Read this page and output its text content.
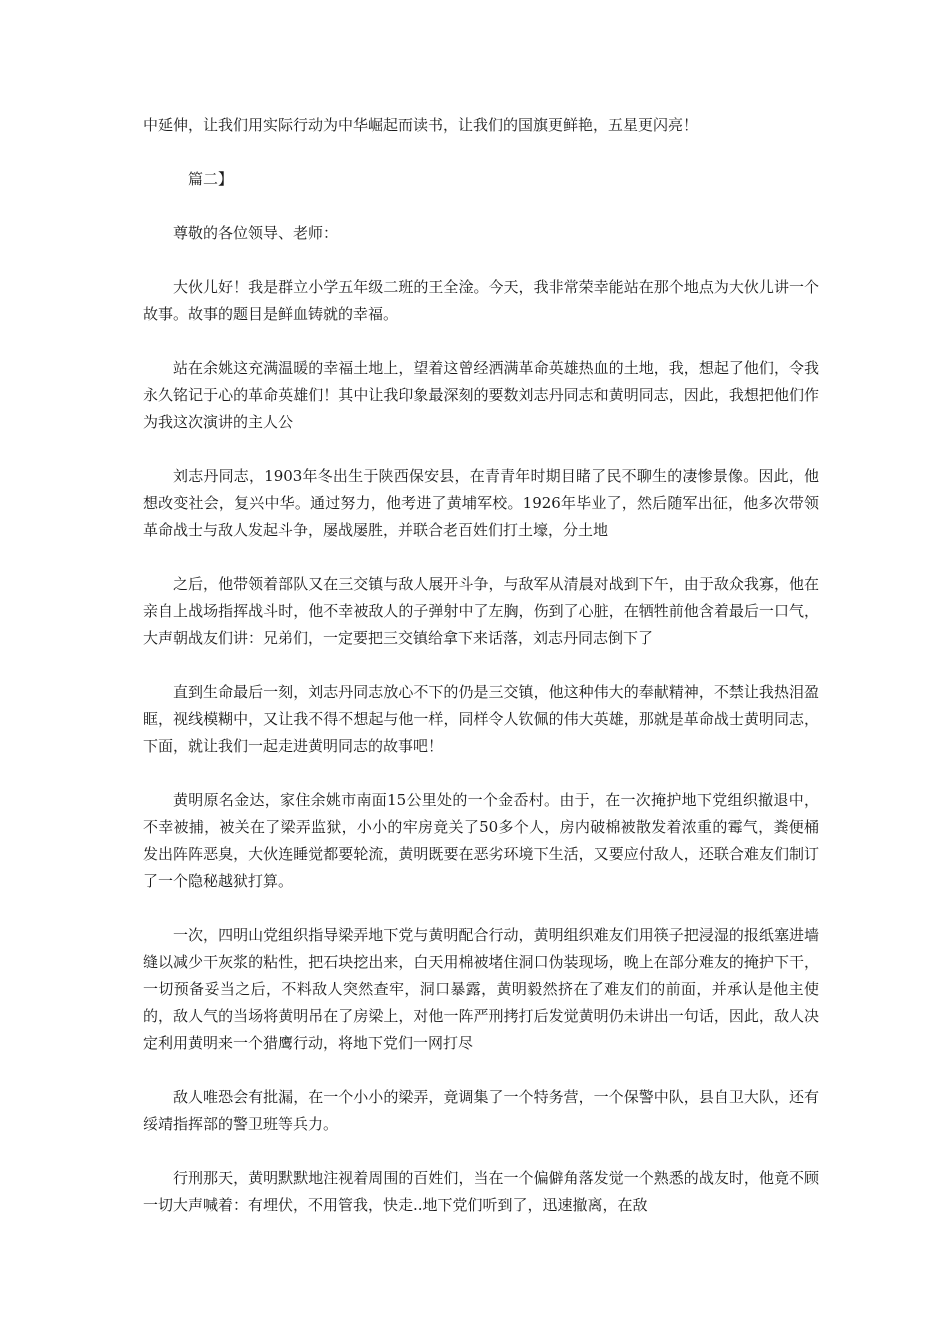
中延伸，让我们用实际行动为中华崛起而读书，让我们的国旗更鲜艳，五星更闪亮！

篇二】

尊敬的各位领导、老师：

大伙儿好！我是群立小学五年级二班的王全淦。今天，我非常荣幸能站在那个地点为大伙儿讲一个故事。故事的题目是鲜血铸就的幸福。

站在余姚这充满温暖的幸福土地上，望着这曾经洒满革命英雄热血的土地，我，想起了他们，令我永久铭记于心的革命英雄们！其中让我印象最深刻的要数刘志丹同志和黄明同志，因此，我想把他们作为我这次演讲的主人公

刘志丹同志，1903年冬出生于陕西保安县，在青青年时期目睹了民不聊生的凄惨景像。因此，他想改变社会，复兴中华。通过努力，他考进了黄埔军校。1926年毕业了，然后随军出征，他多次带领革命战士与敌人发起斗争，屡战屡胜，并联合老百姓们打土壕，分土地

之后，他带领着部队又在三交镇与敌人展开斗争，与敌军从清晨对战到下午，由于敌众我寡，他在亲自上战场指挥战斗时，他不幸被敌人的子弹射中了左胸，伤到了心脏，在牺牲前他含着最后一口气，大声朝战友们讲：兄弟们，一定要把三交镇给拿下来话落，刘志丹同志倒下了

直到生命最后一刻，刘志丹同志放心不下的仍是三交镇，他这种伟大的奉献精神，不禁让我热泪盈眶，视线模糊中，又让我不得不想起与他一样，同样令人钦佩的伟大英雄，那就是革命战士黄明同志，下面，就让我们一起走进黄明同志的故事吧！

黄明原名金达，家住余姚市南面15公里处的一个金岙村。由于，在一次掩护地下党组织撤退中，不幸被捕，被关在了梁弄监狱，小小的牢房竟关了50多个人，房内破棉被散发着浓重的霉气，粪便桶发出阵阵恶臭，大伙连睡觉都要轮流，黄明既要在恶劣环境下生活，又要应付敌人，还联合难友们制订了一个隐秘越狱打算。

一次，四明山党组织指导梁弄地下党与黄明配合行动，黄明组织难友们用筷子把浸湿的报纸塞进墙缝以减少干灰浆的粘性，把石块挖出来，白天用棉被堵住洞口伪装现场，晚上在部分难友的掩护下干，一切预备妥当之后，不料敌人突然查牢，洞口暴露，黄明毅然挤在了难友们的前面，并承认是他主使的，敌人气的当场将黄明吊在了房梁上，对他一阵严刑拷打后发觉黄明仍未讲出一句话，因此，敌人决定利用黄明来一个猎鹰行动，将地下党们一网打尽

敌人唯恐会有批漏，在一个小小的梁弄，竟调集了一个特务营，一个保警中队，县自卫大队，还有绥靖指挥部的警卫班等兵力。

行刑那天，黄明默默地注视着周围的百姓们，当在一个偏僻角落发觉一个熟悉的战友时，他竟不顾一切大声喊着：有埋伏，不用管我，快走..地下党们听到了，迅速撤离，在敌
